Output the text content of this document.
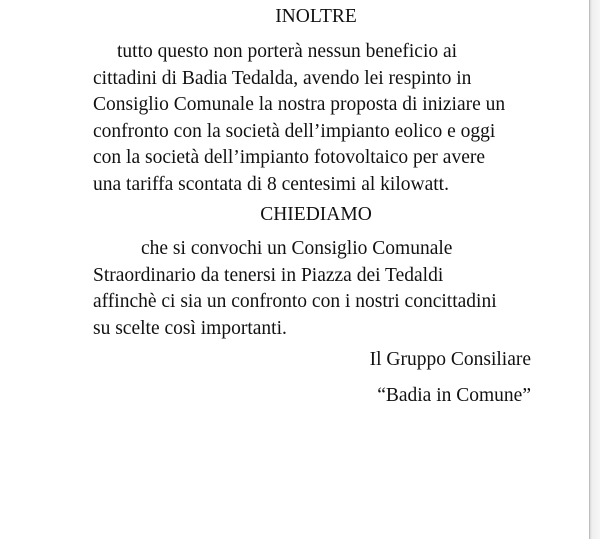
INOLTRE
tutto questo non porterà nessun beneficio ai
cittadini di Badia Tedalda, avendo lei respinto in
Consiglio Comunale la nostra proposta di iniziare un
confronto con la società dell’impianto eolico e oggi
con la società dell’impianto fotovoltaico per avere
una tariffa scontata di 8 centesimi al kilowatt.
CHIEDIAMO
che si convochi un Consiglio Comunale
Straordinario da tenersi in Piazza dei Tedaldi
affinchè ci sia un confronto con i nostri concittadini
su scelte così importanti.
Il Gruppo Consiliare
“Badia in Comune”
